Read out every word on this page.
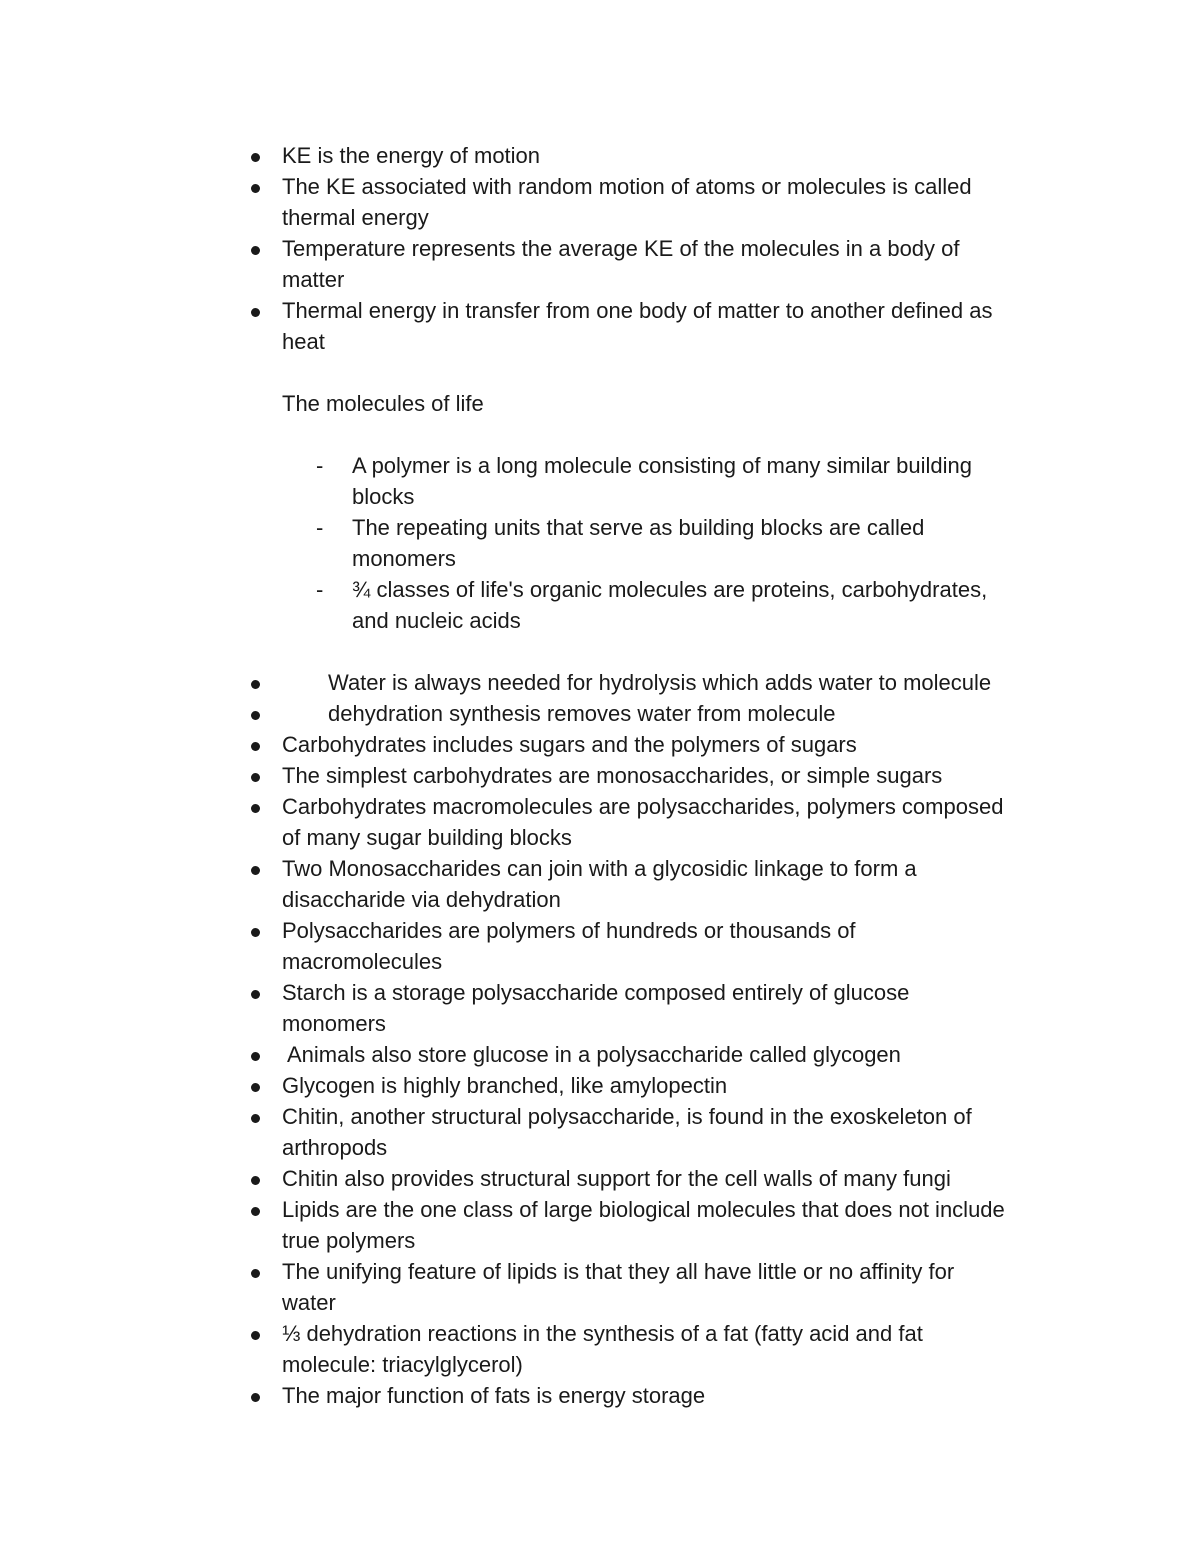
KE is the energy of motion
The KE associated with random motion of atoms or molecules is called
thermal energy
Temperature represents the average KE of the molecules in a body of
matter
Thermal energy in transfer from one body of matter to another defined as
heat
The molecules of life
- A polymer is a long molecule consisting of many similar building
blocks
- The repeating units that serve as building blocks are called
monomers
- ¾ classes of life's organic molecules are proteins, carbohydrates,
and nucleic acids
Water is always needed for hydrolysis which adds water to molecule
dehydration synthesis removes water from molecule
Carbohydrates includes sugars and the polymers of sugars
The simplest carbohydrates are monosaccharides, or simple sugars
Carbohydrates macromolecules are polysaccharides, polymers composed
of many sugar building blocks
Two Monosaccharides can join with a glycosidic linkage to form a
disaccharide via dehydration
Polysaccharides are polymers of hundreds or thousands of
macromolecules
Starch is a storage polysaccharide composed entirely of glucose
monomers
Animals also store glucose in a polysaccharide called glycogen
Glycogen is highly branched, like amylopectin
Chitin, another structural polysaccharide, is found in the exoskeleton of
arthropods
Chitin also provides structural support for the cell walls of many fungi
Lipids are the one class of large biological molecules that does not include
true polymers
The unifying feature of lipids is that they all have little or no affinity for
water
⅓ dehydration reactions in the synthesis of a fat (fatty acid and fat
molecule: triacylglycerol)
The major function of fats is energy storage
